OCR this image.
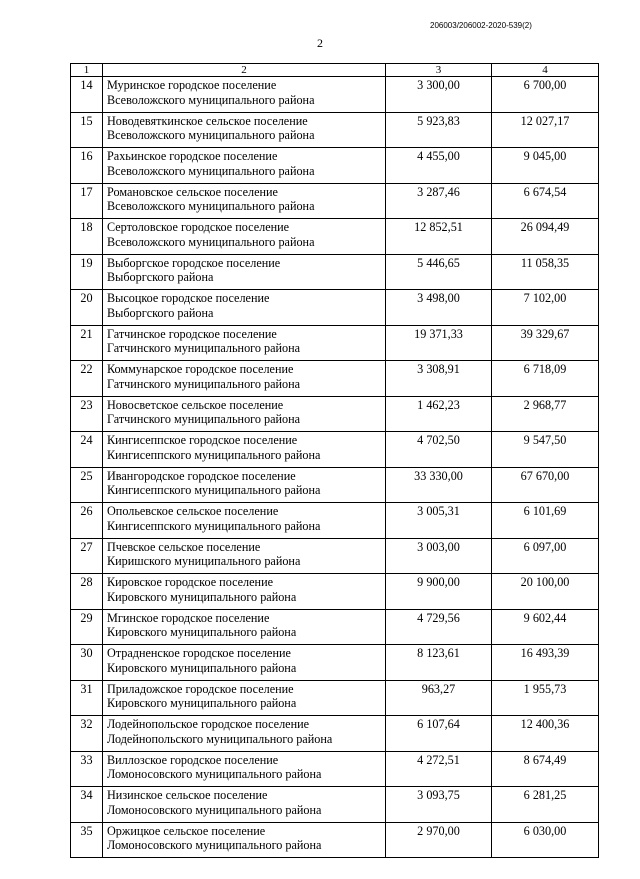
206003/206002-2020-539(2)
2
1	2	3	4
14	Муринское городское поселение
Всеволожского муниципального района	3 300,00	6 700,00
15	Новодевяткинское сельское поселение
Всеволожского муниципального района	5 923,83	12 027,17
16	Рахьинское городское поселение
Всеволожского муниципального района	4 455,00	9 045,00
17	Романовское сельское поселение
Всеволожского муниципального района	3 287,46	6 674,54
18	Сертоловское городское поселение
Всеволожского муниципального района	12 852,51	26 094,49
19	Выборгское городское поселение
Выборгского района	5 446,65	11 058,35
20	Высоцкое городское поселение
Выборгского района	3 498,00	7 102,00
21	Гатчинское городское поселение
Гатчинского муниципального района	19 371,33	39 329,67
22	Коммунарское городское поселение
Гатчинского муниципального района	3 308,91	6 718,09
23	Новосветское сельское поселение
Гатчинского муниципального района	1 462,23	2 968,77
24	Кингисеппское городское поселение
Кингисеппского муниципального района	4 702,50	9 547,50
25	Ивангородское городское поселение
Кингисеппского муниципального района	33 330,00	67 670,00
26	Опольевское сельское поселение
Кингисеппского муниципального района	3 005,31	6 101,69
27	Пчевское сельское поселение
Киришского муниципального района	3 003,00	6 097,00
28	Кировское городское поселение
Кировского муниципального района	9 900,00	20 100,00
29	Мгинское городское поселение
Кировского муниципального района	4 729,56	9 602,44
30	Отрадненское городское поселение
Кировского муниципального района	8 123,61	16 493,39
31	Приладожское городское поселение
Кировского муниципального района	963,27	1 955,73
32	Лодейнопольское городское поселение
Лодейнопольского муниципального района	6 107,64	12 400,36
33	Виллозское городское поселение
Ломоносовского муниципального района	4 272,51	8 674,49
34	Низинское сельское поселение
Ломоносовского муниципального района	3 093,75	6 281,25
35	Оржицкое сельское поселение
Ломоносовского муниципального района	2 970,00	6 030,00
